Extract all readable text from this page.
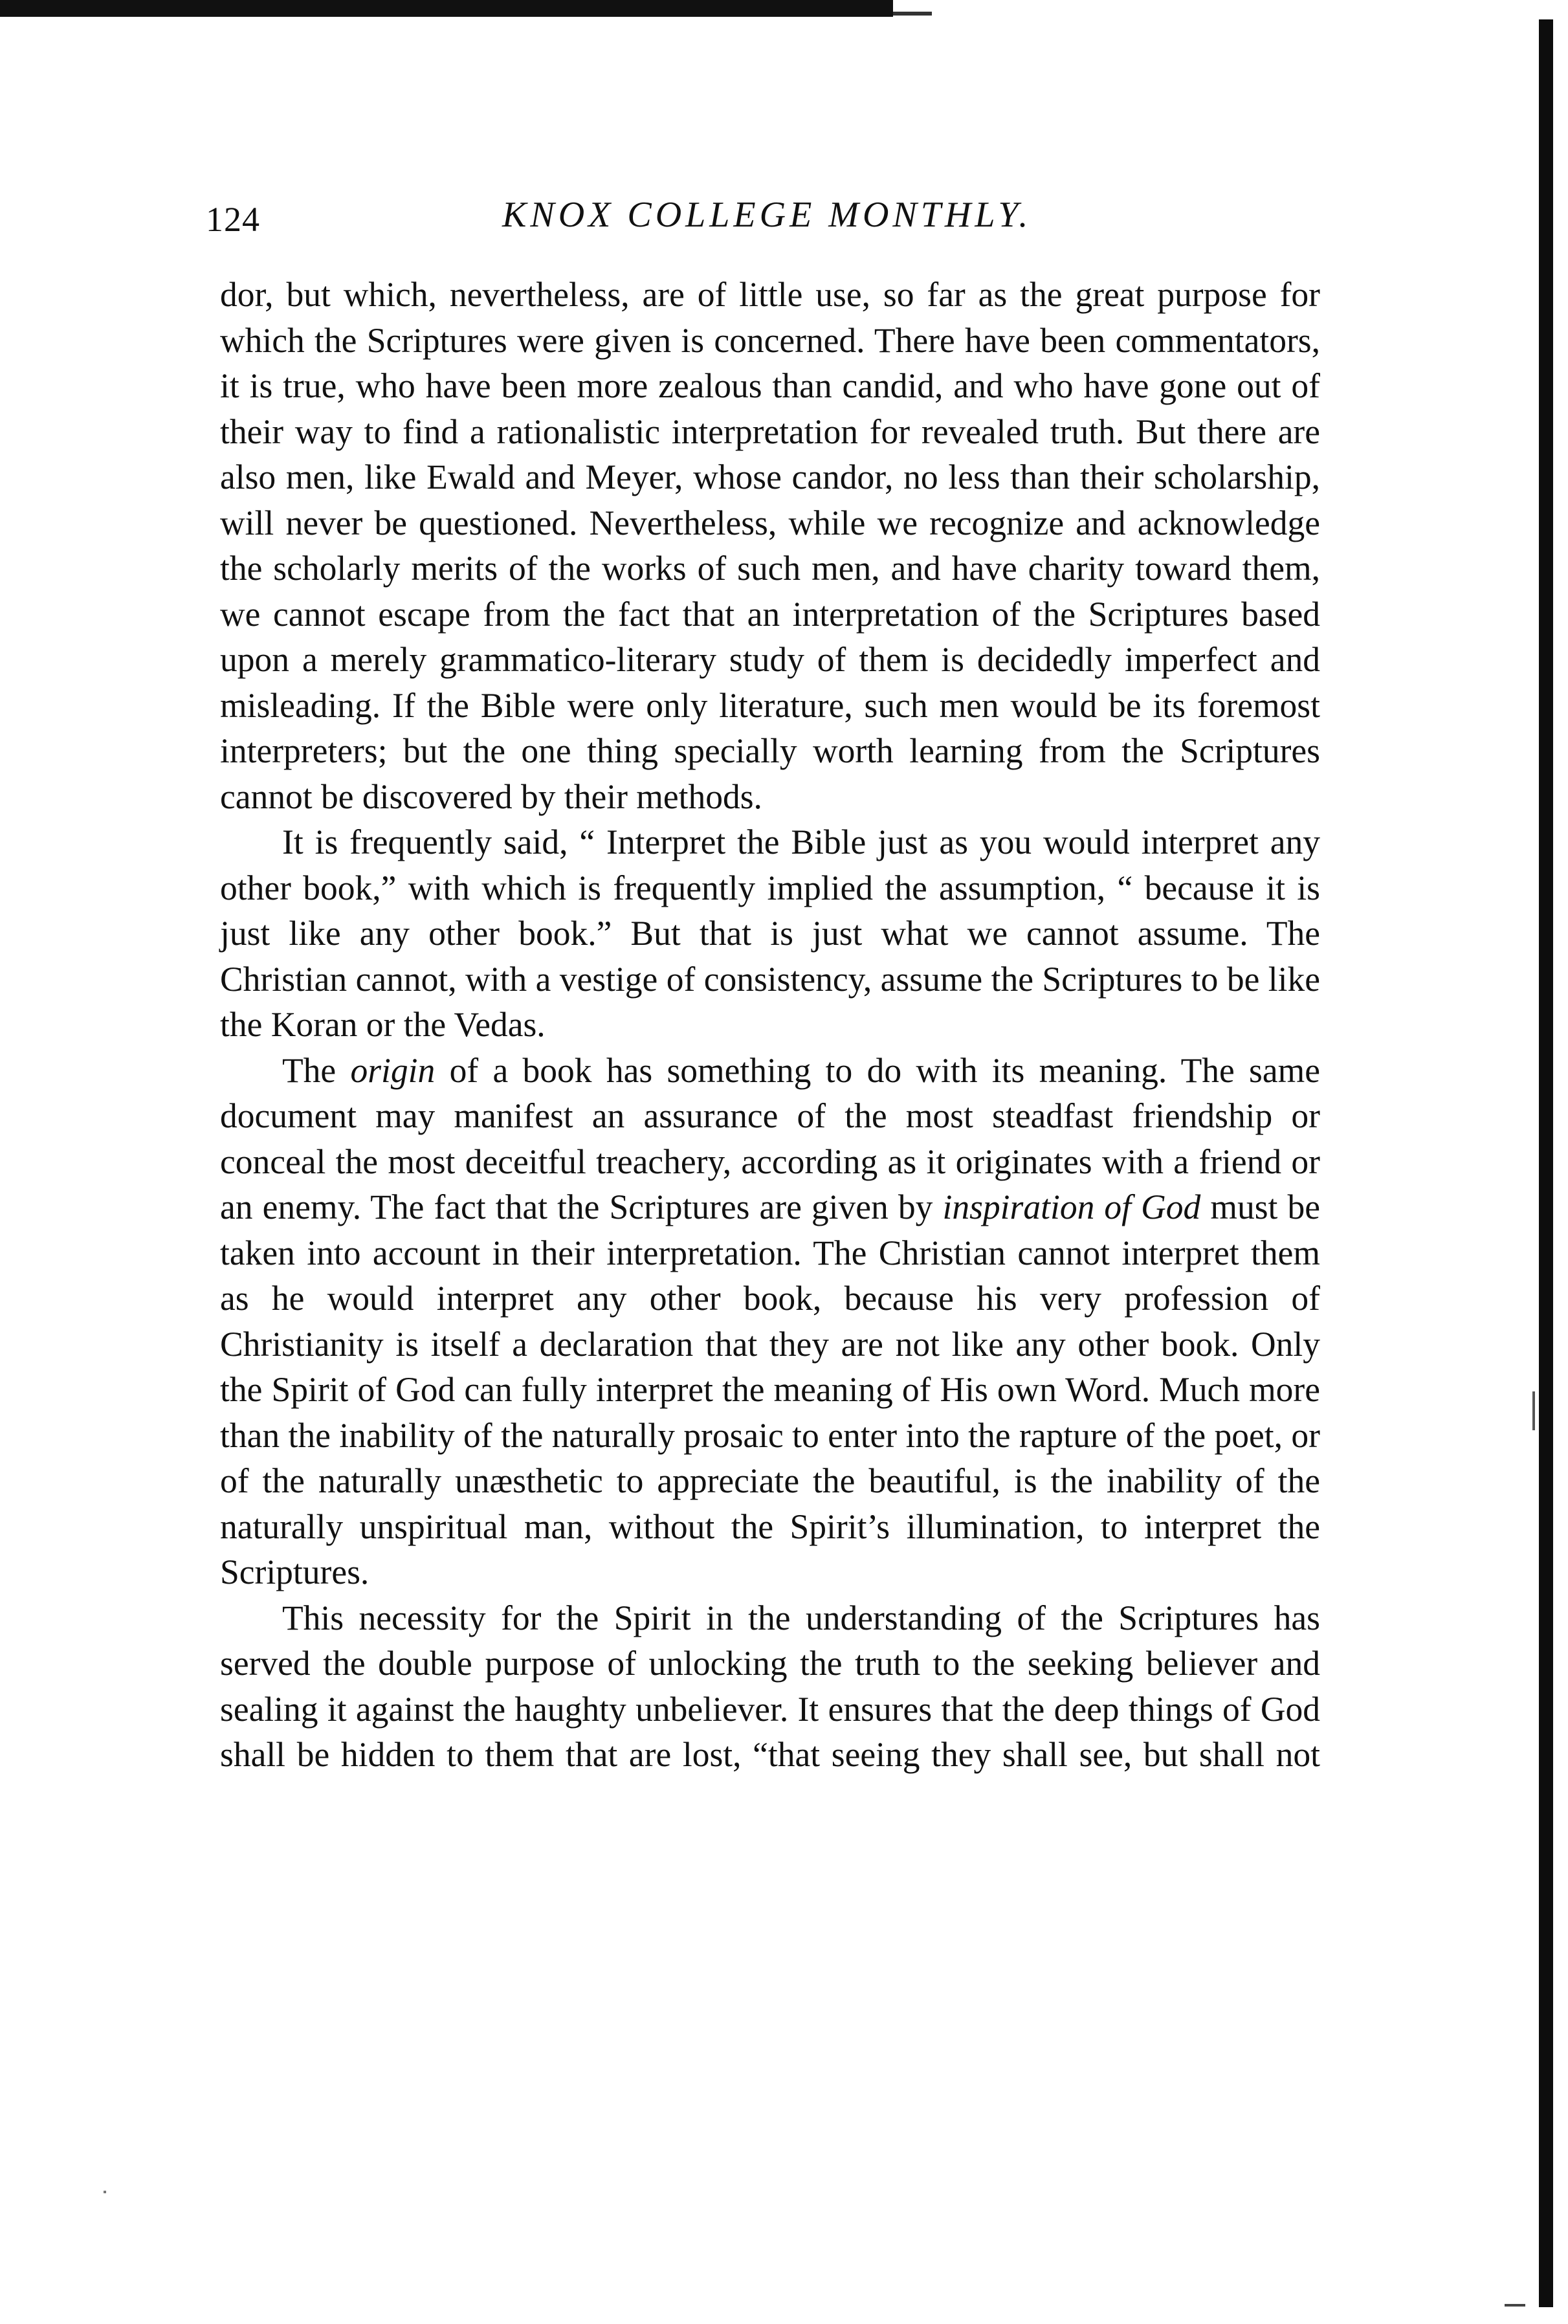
124	KNOX COLLEGE MONTHLY.

dor, but which, nevertheless, are of little use, so far as the great purpose for which the Scriptures were given is concerned. There have been commentators, it is true, who have been more zealous than candid, and who have gone out of their way to find a rationalistic interpretation for revealed truth. But there are also men, like Ewald and Meyer, whose candor, no less than their scholarship, will never be questioned. Nevertheless, while we recognize and acknowledge the scholarly merits of the works of such men, and have charity toward them, we cannot escape from the fact that an interpretation of the Scriptures based upon a merely grammatico-literary study of them is decidedly imperfect and misleading. If the Bible were only literature, such men would be its foremost interpreters; but the one thing specially worth learning from the Scriptures cannot be discovered by their methods.

It is frequently said, “ Interpret the Bible just as you would interpret any other book,” with which is frequently implied the assumption, “ because it is just like any other book.” But that is just what we cannot assume. The Christian cannot, with a vestige of consistency, assume the Scriptures to be like the Koran or the Vedas.

The origin of a book has something to do with its meaning. The same document may manifest an assurance of the most steadfast friendship or conceal the most deceitful treachery, according as it originates with a friend or an enemy. The fact that the Scriptures are given by inspiration of God must be taken into account in their interpretation. The Christian cannot interpret them as he would interpret any other book, because his very profession of Christianity is itself a declaration that they are not like any other book. Only the Spirit of God can fully interpret the meaning of His own Word. Much more than the inability of the naturally prosaic to enter into the rapture of the poet, or of the naturally unæsthetic to appreciate the beautiful, is the inability of the naturally unspiritual man, without the Spirit’s illumination, to interpret the Scriptures.

This necessity for the Spirit in the understanding of the Scriptures has served the double purpose of unlocking the truth to the seeking believer and sealing it against the haughty unbeliever. It ensures that the deep things of God shall be hidden to them that are lost, “that seeing they shall see, but shall not
